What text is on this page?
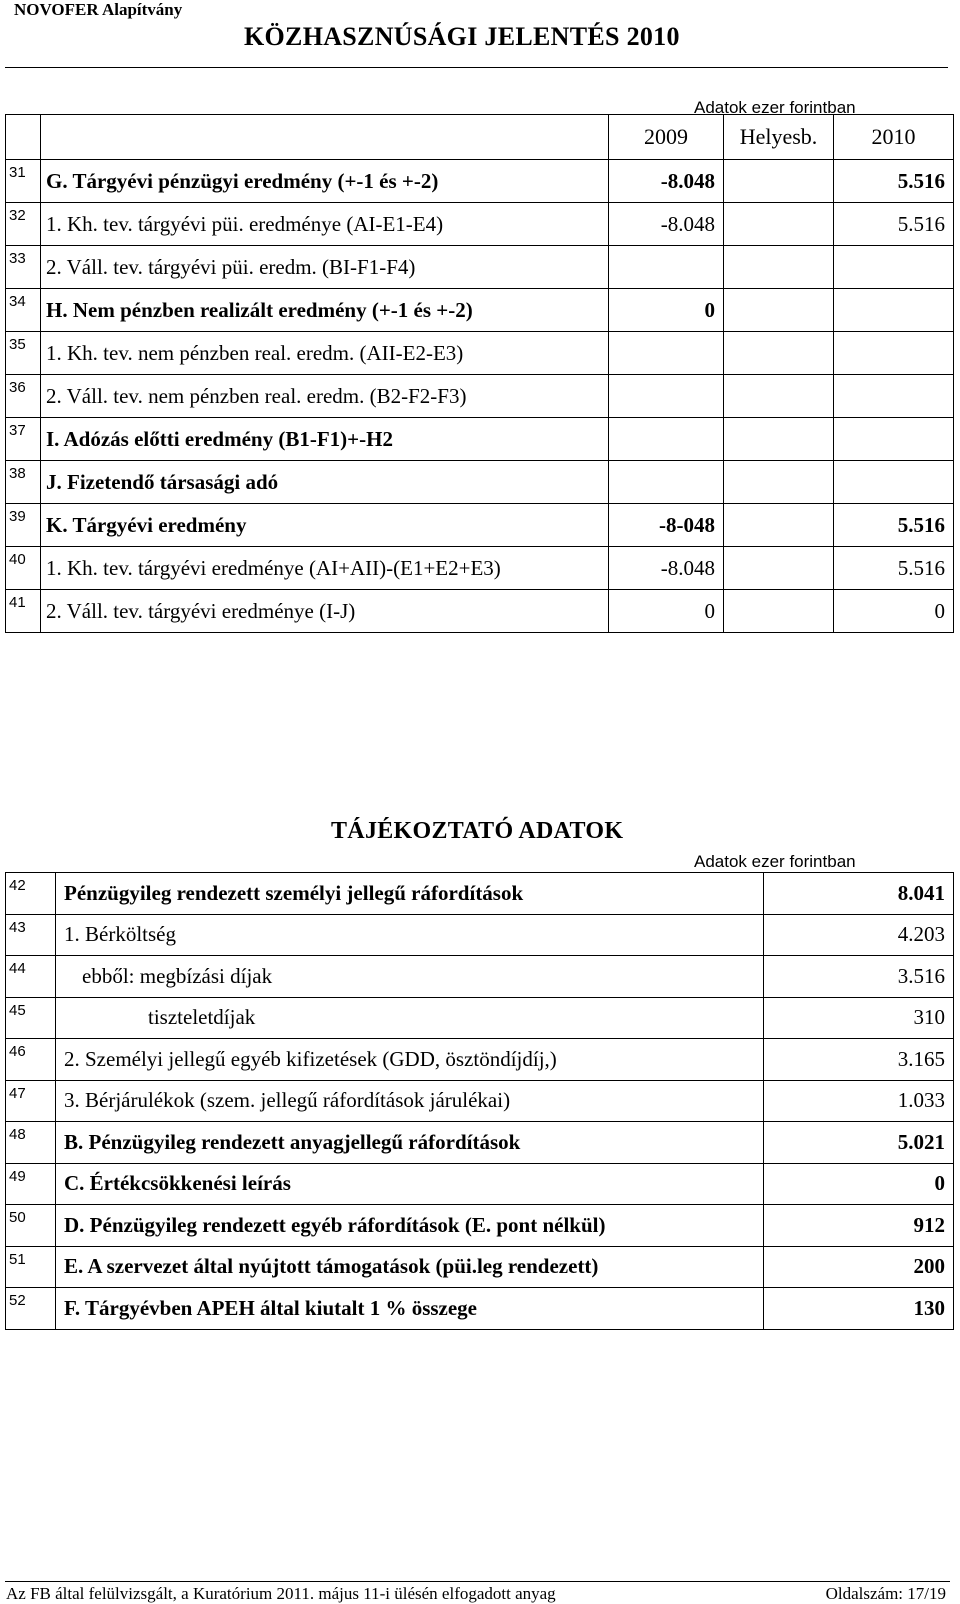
NOVOFER Alapítvány
KÖZHASZNÚSÁGI JELENTÉS 2010
Adatok ezer forintban
		2009	Helyesb.	2010
31	G. Tárgyévi pénzügyi eredmény (+-1 és +-2)	-8.048		5.516
32	1. Kh. tev. tárgyévi püi. eredménye (AI-E1-E4)	-8.048		5.516
33	2. Váll. tev. tárgyévi püi. eredm. (BI-F1-F4)			
34	H. Nem pénzben realizált eredmény (+-1 és +-2)	0		
35	1. Kh. tev. nem pénzben real. eredm. (AII-E2-E3)			
36	2. Váll. tev. nem pénzben real. eredm. (B2-F2-F3)			
37	I. Adózás előtti eredmény (B1-F1)+-H2			
38	J. Fizetendő társasági adó			
39	K. Tárgyévi eredmény	-8-048		5.516
40	1. Kh. tev. tárgyévi eredménye (AI+AII)-(E1+E2+E3)	-8.048		5.516
41	2. Váll. tev. tárgyévi eredménye (I-J)	0		0
TÁJÉKOZTATÓ ADATOK
Adatok ezer forintban
42	Pénzügyileg rendezett személyi jellegű ráfordítások	8.041
43	1. Bérköltség	4.203
44	ebből: megbízási díjak	3.516
45	tiszteletdíjak	310
46	2. Személyi jellegű egyéb kifizetések (GDD, ösztöndíjdíj,)	3.165
47	3. Bérjárulékok (szem. jellegű ráfordítások járulékai)	1.033
48	B. Pénzügyileg rendezett anyagjellegű ráfordítások	5.021
49	C. Értékcsökkenési leírás	0
50	D. Pénzügyileg rendezett egyéb ráfordítások (E. pont nélkül)	912
51	E. A szervezet által nyújtott támogatások (püi.leg rendezett)	200
52	F. Tárgyévben APEH által kiutalt 1 % összege	130
Az FB által felülvizsgált, a Kuratórium 2011. május 11-i ülésén elfogadott anyag	Oldalszám: 17/19
